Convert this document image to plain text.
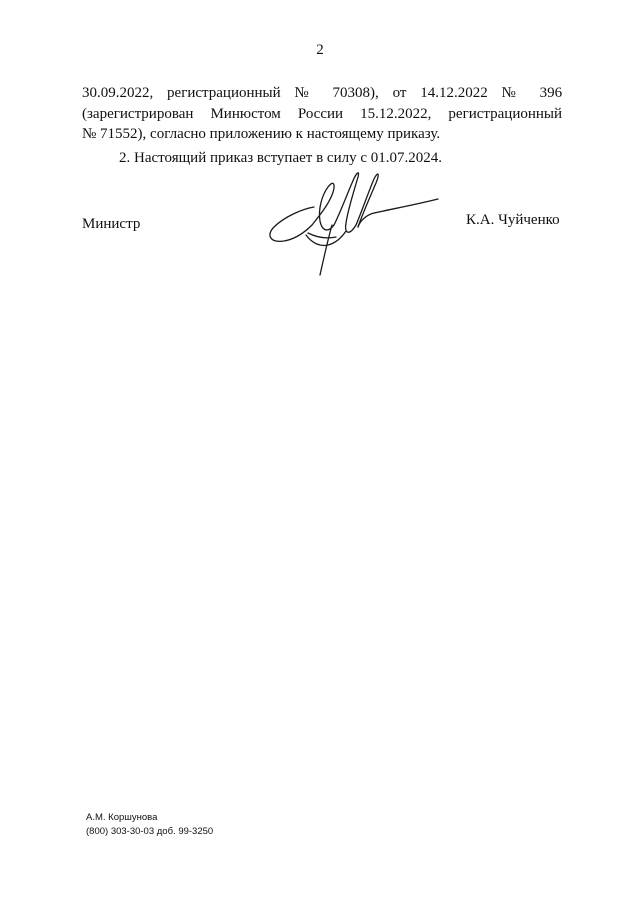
2
30.09.2022, регистрационный № 70308), от 14.12.2022 № 396
(зарегистрирован Минюстом России 15.12.2022, регистрационный
№ 71552), согласно приложению к настоящему приказу.
2. Настоящий приказ вступает в силу с 01.07.2024.
Министр	К.А. Чуйченко
А.М. Коршунова
(800) 303-30-03 доб. 99-3250
